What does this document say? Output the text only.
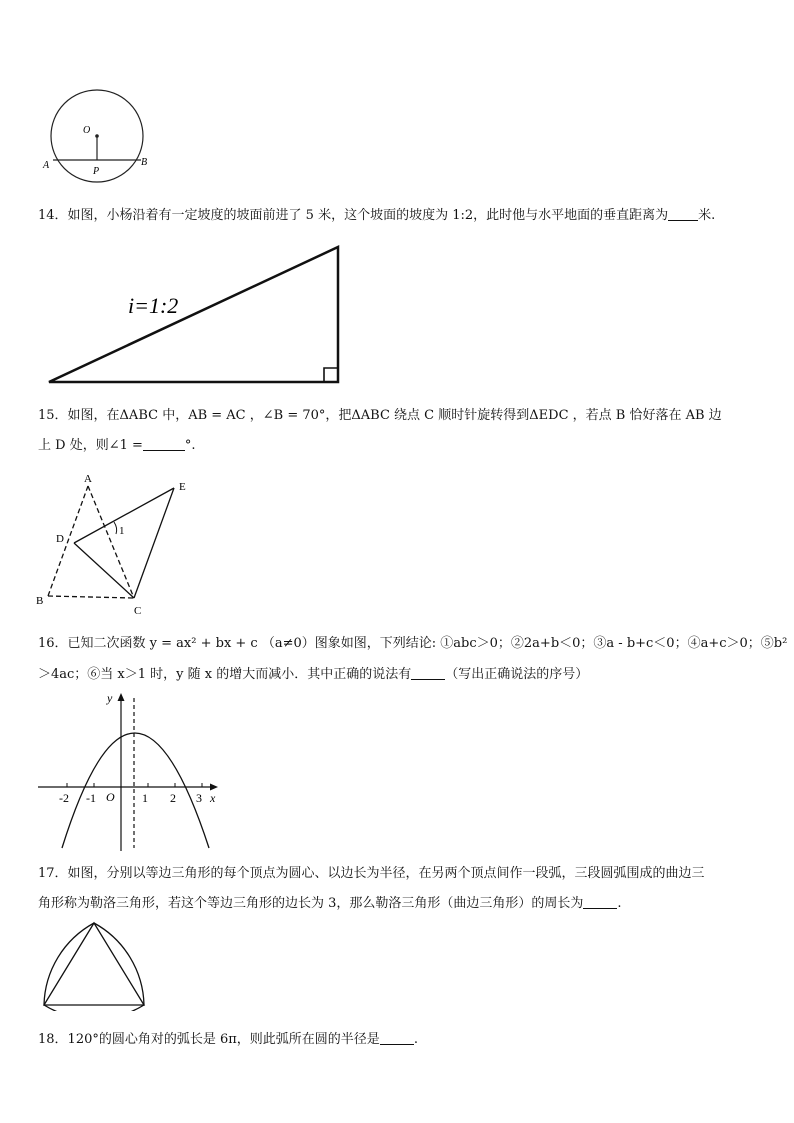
O
A	B
P
14．如图，小杨沿着有一定坡度的坡面前进了 5 米，这个坡面的坡度为 1:2，此时他与水平地面的垂直距离为 米.
i=1:2
15．如图，在ΔABC 中，AB = AC ，∠B = 70°，把ΔABC 绕点 C 顺时针旋转得到ΔEDC ，若点 B 恰好落在 AB 边
上 D 处，则∠1 =	°.
A
B
C
D
E
1
16．已知二次函数 y = ax² + bx + c （a≠0）图象如图，下列结论: ①abc＞0；②2a+b＜0；③a - b+c＜0；④a+c＞0；⑤b²
＞4ac；⑥当 x＞1 时，y 随 x 的增大而减小．其中正确的说法有	（写出正确说法的序号）
y
x
O
-2 -1	1 2 3
17．如图，分别以等边三角形的每个顶点为圆心、以边长为半径，在另两个顶点间作一段弧，三段圆弧围成的曲边三
角形称为勒洛三角形，若这个等边三角形的边长为 3，那么勒洛三角形（曲边三角形）的周长为	.
18．120°的圆心角对的弧长是 6π，则此弧所在圆的半径是	.
